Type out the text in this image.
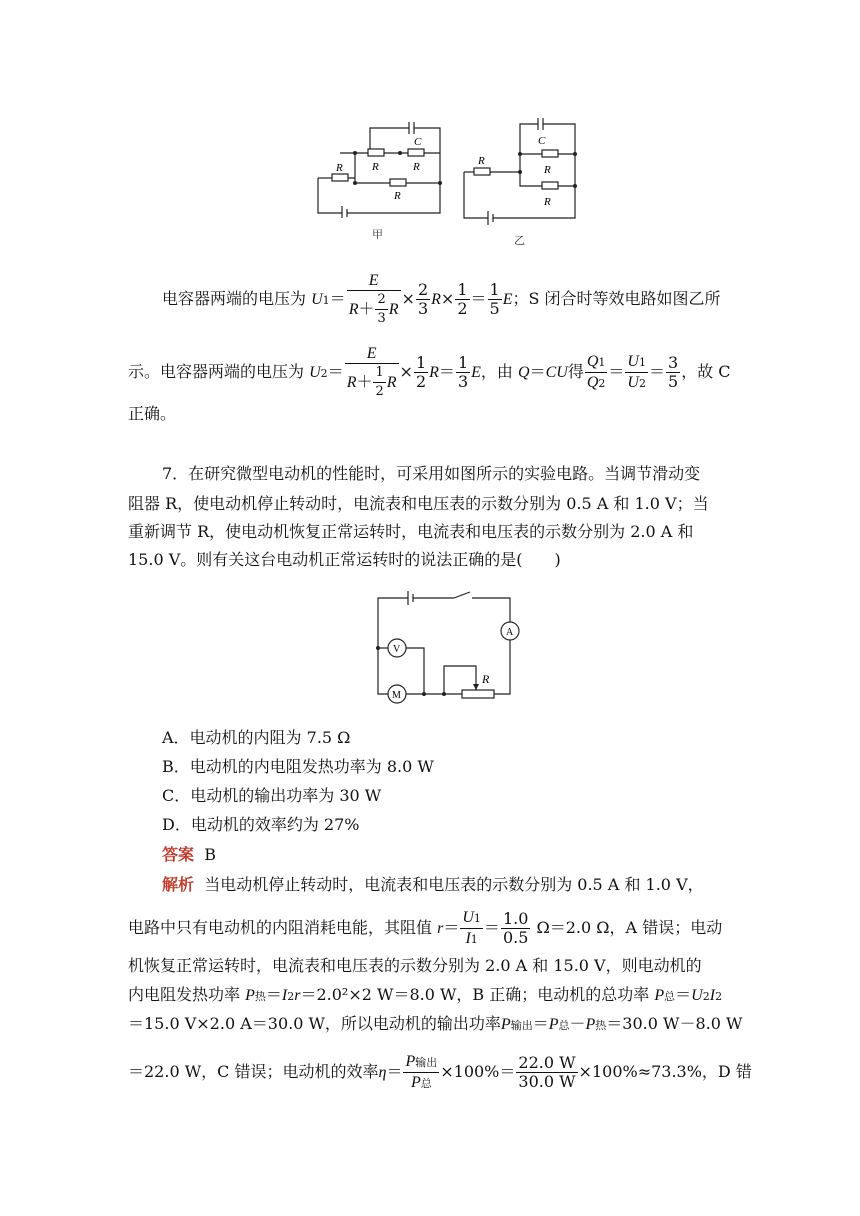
C
R	R
R
R
甲
C
R
R
R
乙
电容器两端的电压为 $U1= \frac{E}{R+ \frac{2}{3} R} \times \frac{2}{3} R\times \frac{1}{2} = \frac{1}{5}$ E；S 闭合时等效电路如图乙所
示。电容器两端的电压为 $U2= \frac{E}{R+ \frac{1}{2} R} \times \frac{1}{2} R= \frac{1}{3}$ E，由 Q＝CU得 $\frac{Q1}{Q2} = \frac{U1}{U2} = \frac{3}{5}$ ，故 C
正确。
7．在研究微型电动机的性能时，可采用如图所示的实验电路。当调节滑动变
阻器 R，使电动机停止转动时，电流表和电压表的示数分别为 0.5 A 和 1.0 V；当
重新调节 R，使电动机恢复正常运转时，电流表和电压表的示数分别为 2.0 A 和
15.0 V。则有关这台电动机正常运转时的说法正确的是(　　)
A
V
M
R
A．电动机的内阻为 7.5 Ω
B．电动机的内电阻发热功率为 8.0 W
C．电动机的输出功率为 30 W
D．电动机的效率约为 27%
答案 B
解析 当电动机停止转动时，电流表和电压表的示数分别为 0.5 A 和 1.0 V，
电路中只有电动机的内阻消耗电能，其阻值 $r= \frac{U1}{I1} = \frac{1.0}{0.5} \Omega=2.0$ Ω，A 错误；电动
机恢复正常运转时，电流表和电压表的示数分别为 2.0 A 和 15.0 V，则电动机的
内电阻发热功率 P热＝I2r＝2.0²×2 W＝8.0 W，B 正确；电动机的总功率 P总＝U2I2
＝15.0 V×2.0 A＝30.0 W，所以电动机的输出功率P输出＝P总－P热＝30.0 W－8.0 W
＝22.0 W，C 错误；电动机的效率$\eta= \frac{\text{P输出}}{\text{P总}} \times 100\%= \frac{22.0 W}{30.0 W} \times 100\%\approx 73.3\%$，D 错
